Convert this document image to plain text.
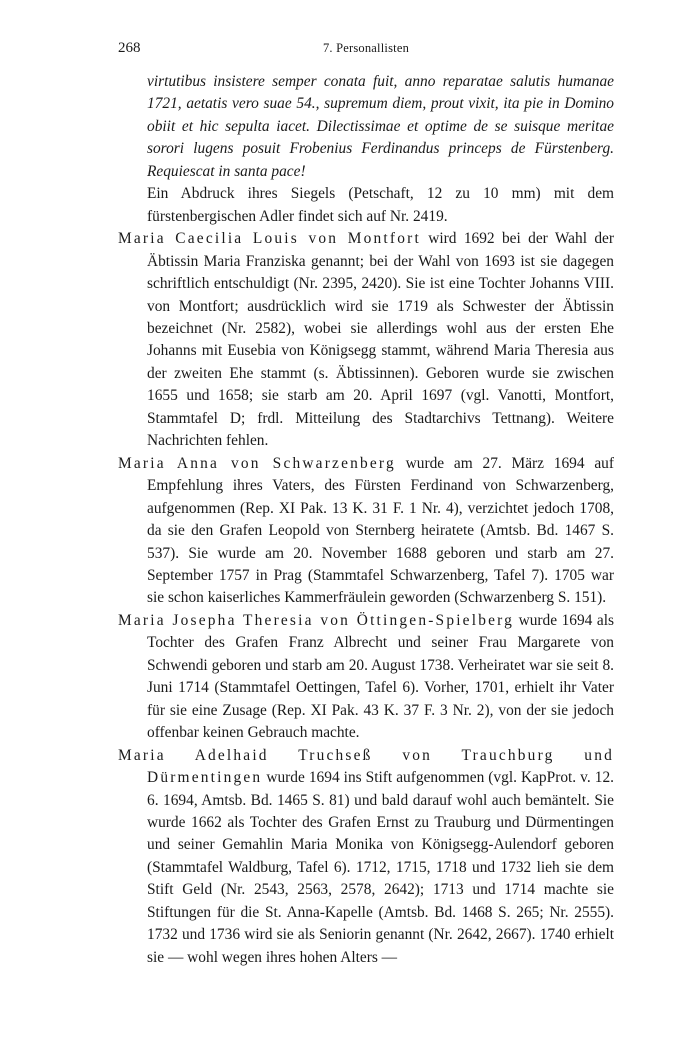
268	7. Personallisten

virtutibus insistere semper conata fuit, anno reparatae salutis humanae 1721, aetatis vero suae 54., supremum diem, prout vixit, ita pie in Domino obiit et hic sepulta iacet. Dilectissimae et optime de se suisque meritae sorori lugens posuit Frobenius Ferdinandus princeps de Fürstenberg. Requiescat in santa pace!

Ein Abdruck ihres Siegels (Petschaft, 12 zu 10 mm) mit dem fürstenbergischen Adler findet sich auf Nr. 2419.

Maria Caecilia Louis von Montfort wird 1692 bei der Wahl der Äbtissin Maria Franziska genannt; bei der Wahl von 1693 ist sie dagegen schriftlich entschuldigt (Nr. 2395, 2420). Sie ist eine Tochter Johanns VIII. von Montfort; ausdrücklich wird sie 1719 als Schwester der Äbtissin bezeichnet (Nr. 2582), wobei sie allerdings wohl aus der ersten Ehe Johanns mit Eusebia von Königsegg stammt, während Maria Theresia aus der zweiten Ehe stammt (s. Äbtissinnen). Geboren wurde sie zwischen 1655 und 1658; sie starb am 20. April 1697 (vgl. Vanotti, Montfort, Stammtafel D; frdl. Mitteilung des Stadtarchivs Tettnang). Weitere Nachrichten fehlen.

Maria Anna von Schwarzenberg wurde am 27. März 1694 auf Empfehlung ihres Vaters, des Fürsten Ferdinand von Schwarzenberg, aufgenommen (Rep. XI Pak. 13 K. 31 F. 1 Nr. 4), verzichtet jedoch 1708, da sie den Grafen Leopold von Sternberg heiratete (Amtsb. Bd. 1467 S. 537). Sie wurde am 20. November 1688 geboren und starb am 27. September 1757 in Prag (Stammtafel Schwarzenberg, Tafel 7). 1705 war sie schon kaiserliches Kammerfräulein geworden (Schwarzenberg S. 151).

Maria Josepha Theresia von Öttingen-Spielberg wurde 1694 als Tochter des Grafen Franz Albrecht und seiner Frau Margarete von Schwendi geboren und starb am 20. August 1738. Verheiratet war sie seit 8. Juni 1714 (Stammtafel Oettingen, Tafel 6). Vorher, 1701, erhielt ihr Vater für sie eine Zusage (Rep. XI Pak. 43 K. 37 F. 3 Nr. 2), von der sie jedoch offenbar keinen Gebrauch machte.

Maria Adelhaid Truchseß von Trauchburg und Dürmentingen wurde 1694 ins Stift aufgenommen (vgl. KapProt. v. 12. 6. 1694, Amtsb. Bd. 1465 S. 81) und bald darauf wohl auch bemäntelt. Sie wurde 1662 als Tochter des Grafen Ernst zu Trauburg und Dürmentingen und seiner Gemahlin Maria Monika von Königsegg-Aulendorf geboren (Stammtafel Waldburg, Tafel 6). 1712, 1715, 1718 und 1732 lieh sie dem Stift Geld (Nr. 2543, 2563, 2578, 2642); 1713 und 1714 machte sie Stiftungen für die St. Anna-Kapelle (Amtsb. Bd. 1468 S. 265; Nr. 2555). 1732 und 1736 wird sie als Seniorin genannt (Nr. 2642, 2667). 1740 erhielt sie — wohl wegen ihres hohen Alters —
